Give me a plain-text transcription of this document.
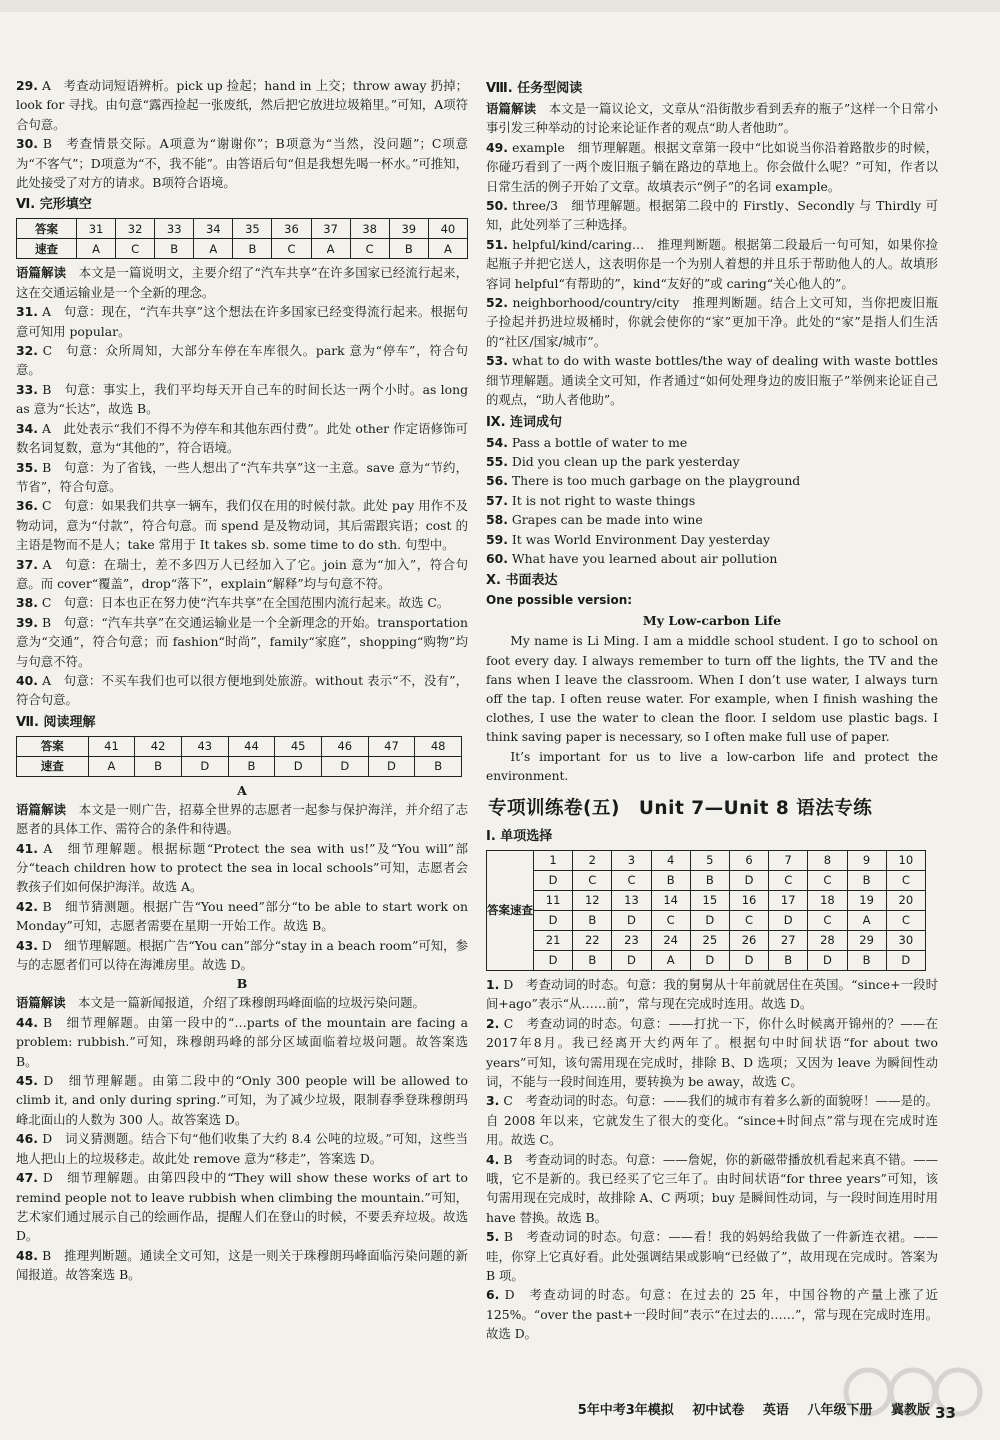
29. A　考查动词短语辨析。pick up 捡起；hand in 上交；throw away 扔掉；look for 寻找。由句意“露西捡起一张废纸，然后把它放进垃圾箱里。”可知，A项符合句意。

30. B　考查情景交际。A项意为“谢谢你”；B项意为“当然，没问题”；C项意为“不客气”；D项意为“不，我不能”。由答语后句“但是我想先喝一杯水。”可推知，此处接受了对方的请求。B项符合语境。

Ⅵ. 完形填空
答案	31	32	33	34	35	36	37	38	39	40
速查	A	C	B	A	B	C	A	C	B	A

语篇解读　本文是一篇说明文，主要介绍了“汽车共享”在许多国家已经流行起来，这在交通运输业是一个全新的理念。

31. A　句意：现在，“汽车共享”这个想法在许多国家已经变得流行起来。根据句意可知用 popular。

32. C　句意：众所周知，大部分车停在车库很久。park 意为“停车”，符合句意。

33. B　句意：事实上，我们平均每天开自己车的时间长达一两个小时。as long as 意为“长达”，故选 B。

34. A　此处表示“我们不得不为停车和其他东西付费”。此处 other 作定语修饰可数名词复数，意为“其他的”，符合语境。

35. B　句意：为了省钱，一些人想出了“汽车共享”这一主意。save 意为“节约，节省”，符合句意。

36. C　句意：如果我们共享一辆车，我们仅在用的时候付款。此处 pay 用作不及物动词，意为“付款”，符合句意。而 spend 是及物动词，其后需跟宾语；cost 的主语是物而不是人；take 常用于 It takes sb. some time to do sth. 句型中。

37. A　句意：在瑞士，差不多四万人已经加入了它。join 意为“加入”，符合句意。而 cover“覆盖”，drop“落下”，explain“解释”均与句意不符。

38. C　句意：日本也正在努力使“汽车共享”在全国范围内流行起来。故选 C。

39. B　句意：“汽车共享”在交通运输业是一个全新理念的开始。transportation 意为“交通”，符合句意；而 fashion“时尚”，family“家庭”，shopping“购物”均与句意不符。

40. A　句意：不买车我们也可以很方便地到处旅游。without 表示“不，没有”，符合句意。

Ⅶ. 阅读理解
答案	41	42	43	44	45	46	47	48
速查	A	B	D	B	D	D	D	B
A

语篇解读　本文是一则广告，招募全世界的志愿者一起参与保护海洋，并介绍了志愿者的具体工作、需符合的条件和待遇。

41. A　细节理解题。根据标题“Protect the sea with us!”及“You will”部分“teach children how to protect the sea in local schools”可知，志愿者会教孩子们如何保护海洋。故选 A。

42. B　细节猜测题。根据广告“You need”部分“to be able to start work on Monday”可知，志愿者需要在星期一开始工作。故选 B。

43. D　细节理解题。根据广告“You can”部分“stay in a beach room”可知，参与的志愿者们可以待在海滩房里。故选 D。

B

语篇解读　本文是一篇新闻报道，介绍了珠穆朗玛峰面临的垃圾污染问题。

44. B　细节理解题。由第一段中的“…parts of the mountain are facing a problem: rubbish.”可知，珠穆朗玛峰的部分区域面临着垃圾问题。故答案选 B。

45. D　细节理解题。由第二段中的“Only 300 people will be allowed to climb it, and only during spring.”可知，为了减少垃圾，限制春季登珠穆朗玛峰北面山的人数为 300 人。故答案选 D。

46. D　词义猜测题。结合下句“他们收集了大约 8.4 公吨的垃圾。”可知，这些当地人把山上的垃圾移走。故此处 remove 意为“移走”，答案选 D。

47. D　细节理解题。由第四段中的“They will show these works of art to remind people not to leave rubbish when climbing the mountain.”可知，艺术家们通过展示自己的绘画作品，提醒人们在登山的时候，不要丢弃垃圾。故选 D。

48. B　推理判断题。通读全文可知，这是一则关于珠穆朗玛峰面临污染问题的新闻报道。故答案选 B。

Ⅷ. 任务型阅读

语篇解读　本文是一篇议论文，文章从“沿街散步看到丢弃的瓶子”这样一个日常小事引发三种举动的讨论来论证作者的观点“助人者他助”。

49. example　细节理解题。根据文章第一段中“比如说当你沿着路散步的时候，你碰巧看到了一两个废旧瓶子躺在路边的草地上。你会做什么呢？”可知，作者以日常生活的例子开始了文章。故填表示“例子”的名词 example。

50. three/3　细节理解题。根据第二段中的 Firstly、Secondly 与 Thirdly 可知，此处列举了三种选择。

51. helpful/kind/caring…　推理判断题。根据第二段最后一句可知，如果你捡起瓶子并把它送人，这表明你是一个为别人着想的并且乐于帮助他人的人。故填形容词 helpful“有帮助的”，kind“友好的”或 caring“关心他人的”。

52. neighborhood/country/city　推理判断题。结合上文可知，当你把废旧瓶子捡起并扔进垃圾桶时，你就会使你的“家”更加干净。此处的“家”是指人们生活的“社区/国家/城市”。

53. what to do with waste bottles/the way of dealing with waste bottles　细节理解题。通读全文可知，作者通过“如何处理身边的废旧瓶子”举例来论证自己的观点，“助人者他助”。

Ⅸ. 连词成句

54. Pass a bottle of water to me

55. Did you clean up the park yesterday

56. There is too much garbage on the playground

57. It is not right to waste things

58. Grapes can be made into wine

59. It was World Environment Day yesterday

60. What have you learned about air pollution

Ⅹ. 书面表达
One possible version:
My Low-carbon Life

My name is Li Ming. I am a middle school student. I go to school on foot every day. I always remember to turn off the lights, the TV and the fans when I leave the classroom. When I don’t use water, I always turn off the tap. I often reuse water. For example, when I finish washing the clothes, I use the water to clean the floor. I seldom use plastic bags. I think saving paper is necessary, so I often make full use of paper.

It’s important for us to live a low-carbon life and protect the environment.

专项训练卷(五)　Unit 7—Unit 8 语法专练
Ⅰ. 单项选择
答案速查	1	2	3	4	5	6	7	8	9	10
	D	C	C	B	B	D	C	C	B	C
	11	12	13	14	15	16	17	18	19	20
	D	B	D	C	D	C	D	C	A	C
	21	22	23	24	25	26	27	28	29	30
	D	B	D	A	D	D	B	D	B	D

1. D　考查动词的时态。句意：我的舅舅从十年前就居住在英国。“since+一段时间+ago”表示“从……前”，常与现在完成时连用。故选 D。

2. C　考查动词的时态。句意：——打扰一下，你什么时候离开锦州的？——在2017年8月。我已经离开大约两年了。根据句中时间状语“for about two years”可知，该句需用现在完成时，排除 B、D 选项；又因为 leave 为瞬间性动词，不能与一段时间连用，要转换为 be away，故选 C。

3. C　考查动词的时态。句意：——我们的城市有着多么新的面貌呀！——是的。自 2008 年以来，它就发生了很大的变化。“since+时间点”常与现在完成时连用。故选 C。

4. B　考查动词的时态。句意：——詹妮，你的新磁带播放机看起来真不错。——哦，它不是新的。我已经买了它三年了。由时间状语“for three years”可知，该句需用现在完成时，故排除 A、C 两项；buy 是瞬间性动词，与一段时间连用时用 have 替换。故选 B。

5. B　考查动词的时态。句意：——看！我的妈妈给我做了一件新连衣裙。——哇，你穿上它真好看。此处强调结果或影响“已经做了”，故用现在完成时。答案为 B 项。

6. D　考查动词的时态。句意：在过去的 25 年，中国谷物的产量上涨了近 125%。“over the past+一段时间”表示“在过去的……”，常与现在完成时连用。故选 D。

5年中考3年模拟 初中试卷 英语 八年级下册 冀教版 33
